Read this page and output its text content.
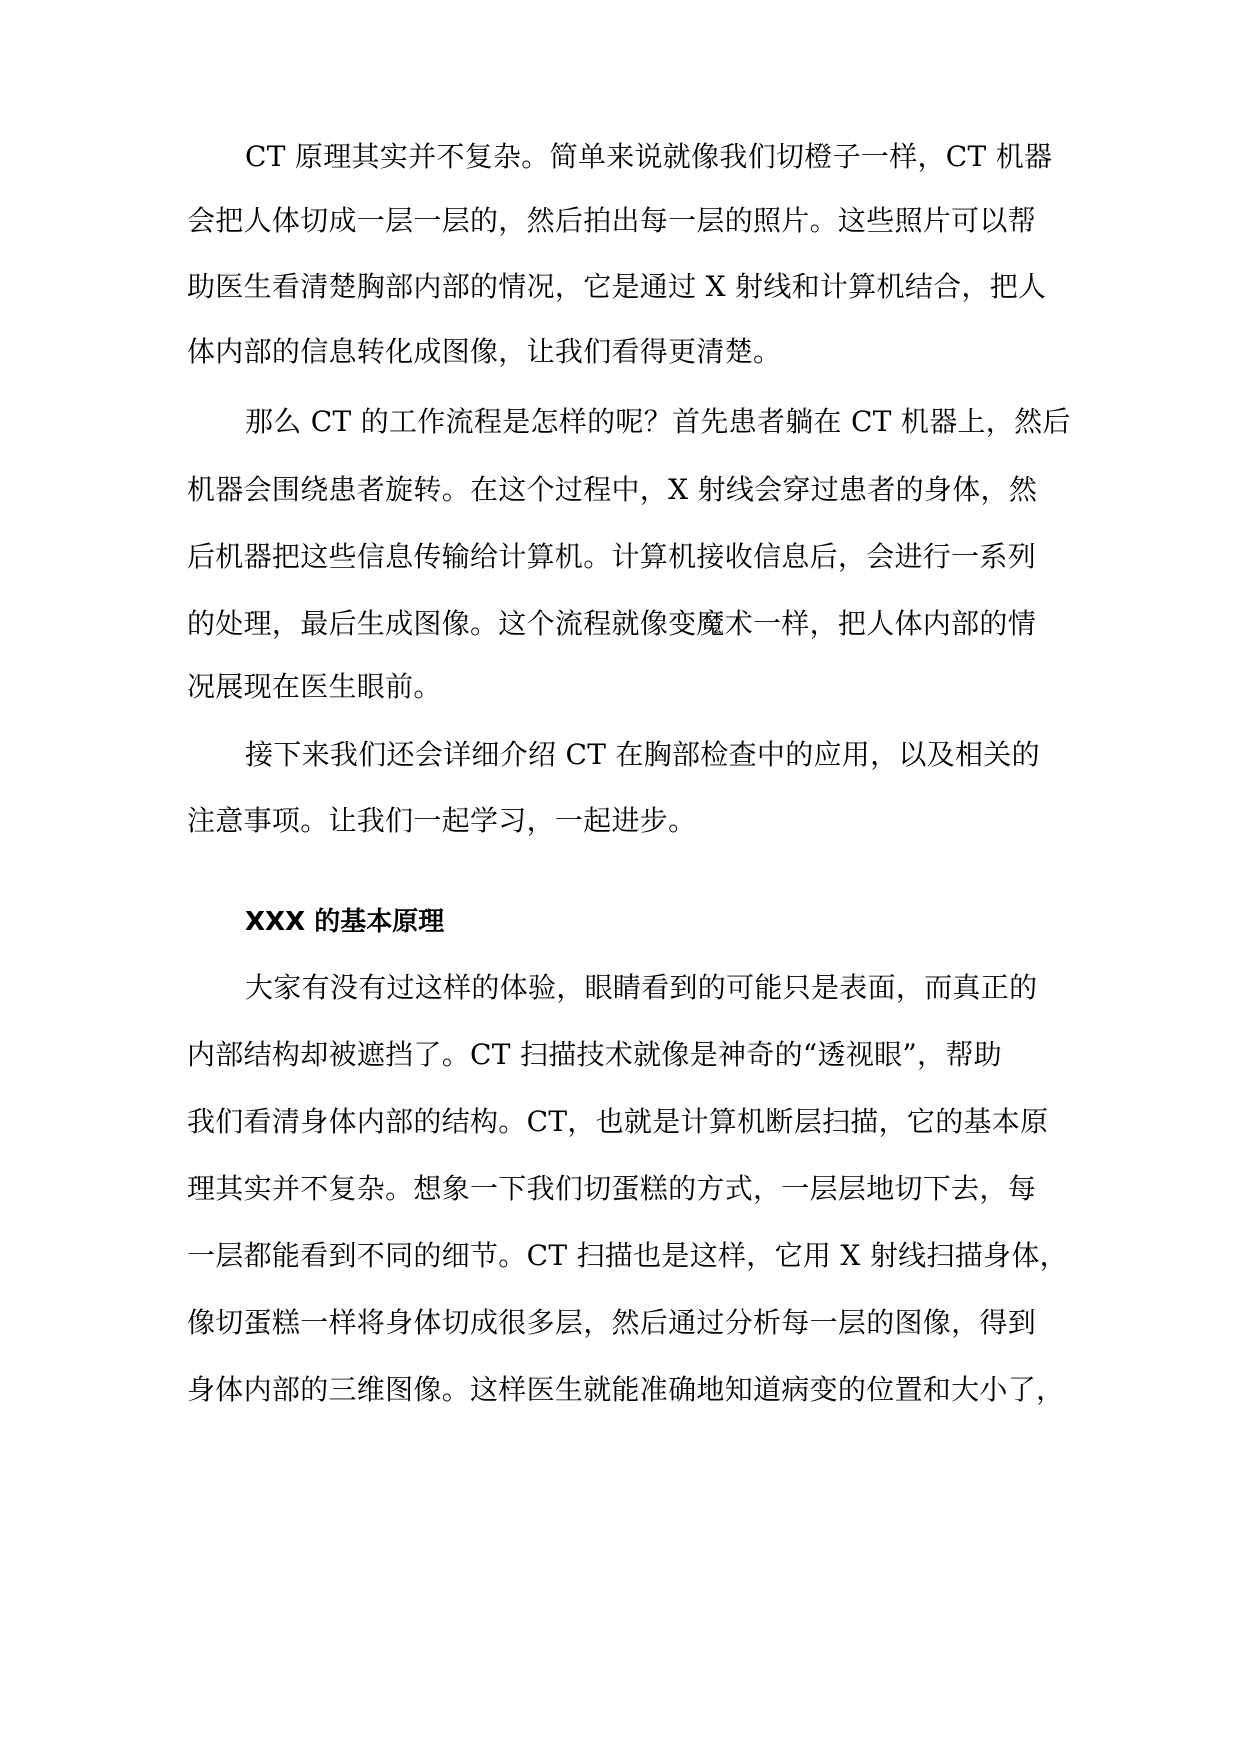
CT 原理其实并不复杂。简单来说就像我们切橙子一样，CT 机器
会把人体切成一层一层的，然后拍出每一层的照片。这些照片可以帮
助医生看清楚胸部内部的情况，它是通过 X 射线和计算机结合，把人
体内部的信息转化成图像，让我们看得更清楚。
那么 CT 的工作流程是怎样的呢？首先患者躺在 CT 机器上，然后
机器会围绕患者旋转。在这个过程中，X 射线会穿过患者的身体，然
后机器把这些信息传输给计算机。计算机接收信息后，会进行一系列
的处理，最后生成图像。这个流程就像变魔术一样，把人体内部的情
况展现在医生眼前。
接下来我们还会详细介绍 CT 在胸部检查中的应用，以及相关的
注意事项。让我们一起学习，一起进步。
XXX 的基本原理
大家有没有过这样的体验，眼睛看到的可能只是表面，而真正的
内部结构却被遮挡了。CT 扫描技术就像是神奇的“透视眼”，帮助
我们看清身体内部的结构。CT，也就是计算机断层扫描，它的基本原
理其实并不复杂。想象一下我们切蛋糕的方式，一层层地切下去，每
一层都能看到不同的细节。CT 扫描也是这样，它用 X 射线扫描身体，
像切蛋糕一样将身体切成很多层，然后通过分析每一层的图像，得到
身体内部的三维图像。这样医生就能准确地知道病变的位置和大小了，
